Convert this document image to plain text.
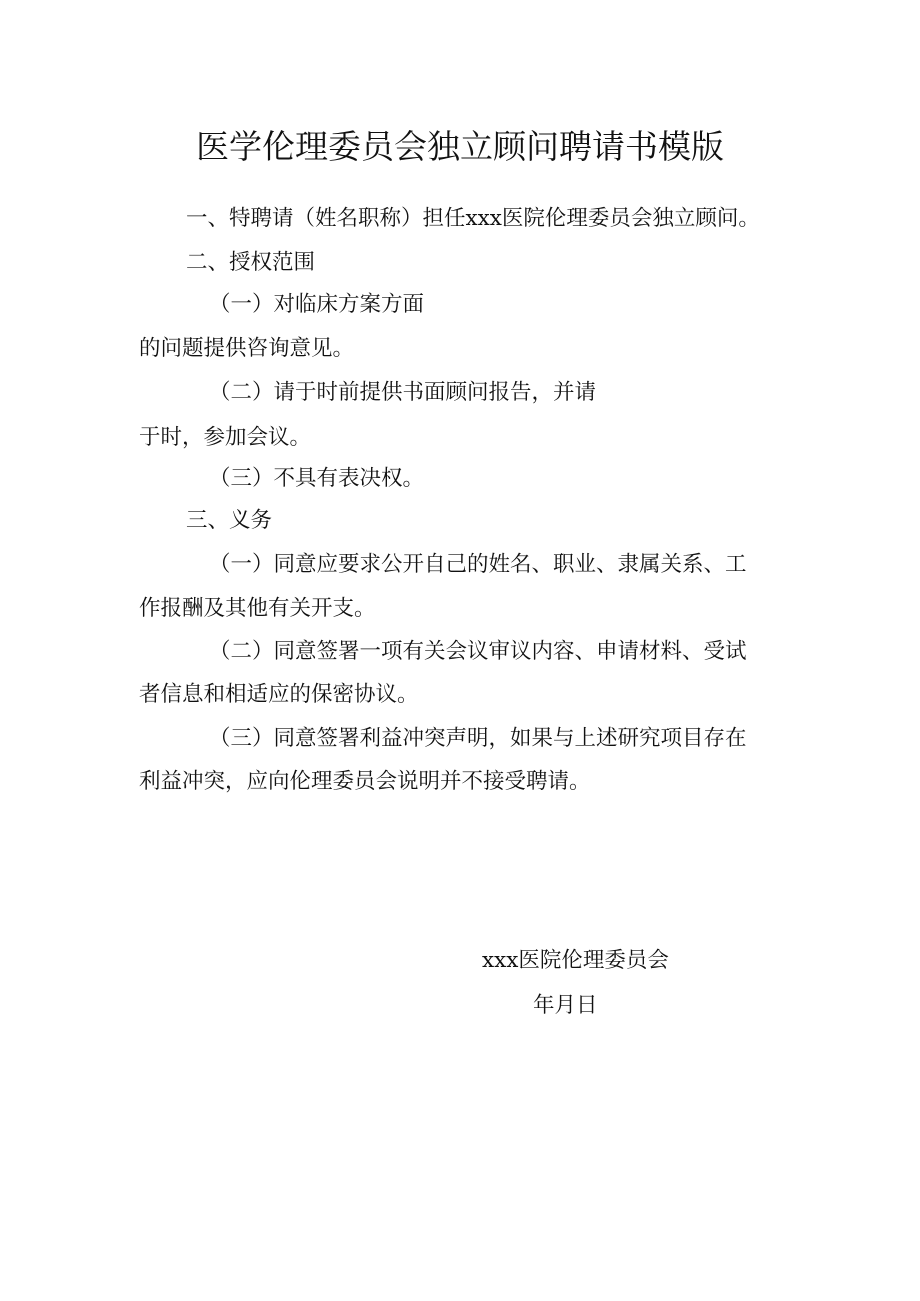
医学伦理委员会独立顾问聘请书模版

一、特聘请（姓名职称）担任xxx医院伦理委员会独立顾问。

二、授权范围

（一）对临床方案方面

的问题提供咨询意见。

（二）请于时前提供书面顾问报告，并请

于时，参加会议。

（三）不具有表决权。

三、义务

（一）同意应要求公开自己的姓名、职业、隶属关系、工

作报酬及其他有关开支。

（二）同意签署一项有关会议审议内容、申请材料、受试

者信息和相适应的保密协议。

（三）同意签署利益冲突声明，如果与上述研究项目存在

利益冲突，应向伦理委员会说明并不接受聘请。

xxx医院伦理委员会

年月日
